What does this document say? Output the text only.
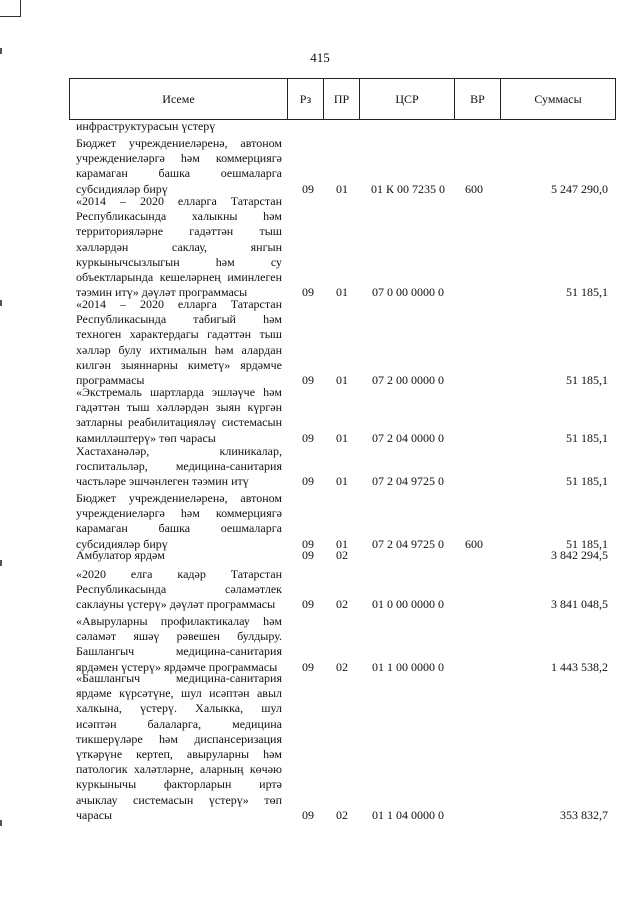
415
Исеме	Рз	ПР	ЦСР	ВР	Суммасы
инфраструктурасын үстерү
Бюджет учреждениеләренә, автоном
учреждениеләргә һәм коммерциягә
карамаган башка оешмаларга
субсидияләр бирү	09	01	01 К 00 7235 0	600	5 247 290,0
«2014 – 2020 елларга Татарстан
Республикасында халыкны һәм
территорияләрне гадәттән тыш
хәлләрдән саклау, янгын
куркынычсызлыгын һәм су
объектларында кешеләрнең иминлеген
тәэмин итү» дәүләт программасы	09	01	07 0 00 0000 0	51 185,1
«2014 – 2020 елларга Татарстан
Республикасында табигый һәм
техноген характердагы гадәттән тыш
хәлләр булу ихтималын һәм алардан
килгән зыяннарны киметү» ярдәмче
программасы	09	01	07 2 00 0000 0	51 185,1
«Экстремаль шартларда эшләүче һәм
гадәттән тыш хәлләрдән зыян күргән
затларны реабилитацияләү системасын
камилләштерү» төп чарасы	09	01	07 2 04 0000 0	51 185,1
Хастаханәләр, клиникалар,
госпитальләр, медицина-санитария
частьләре эшчәнлеген тәэмин итү	09	01	07 2 04 9725 0	51 185,1
Бюджет учреждениеләренә, автоном
учреждениеләргә һәм коммерциягә
карамаган башка оешмаларга
субсидияләр бирү	09	01	07 2 04 9725 0	600	51 185,1
Амбулатор ярдәм	09	02	3 842 294,5
«2020 елга кадәр Татарстан
Республикасында сәламәтлек
саклауны үстерү» дәүләт программасы	09	02	01 0 00 0000 0	3 841 048,5
«Авыруларны профилактикалау һәм
сәламәт яшәү рәвешен булдыру.
Башлангыч медицина-санитария
ярдәмен үстерү» ярдәмче программасы	09	02	01 1 00 0000 0	1 443 538,2
«Башлангыч медицина-санитария
ярдәме күрсәтүне, шул исәптән авыл
халкына, үстерү. Халыкка, шул
исәптән балаларга, медицина
тикшерүләре һәм диспансеризация
үткәрүне кертеп, авыруларны һәм
патологик халәтләрне, аларның көчәю
куркынычы факторларын иртә
ачыклау системасын үстерү» төп
чарасы	09	02	01 1 04 0000 0	353 832,7
